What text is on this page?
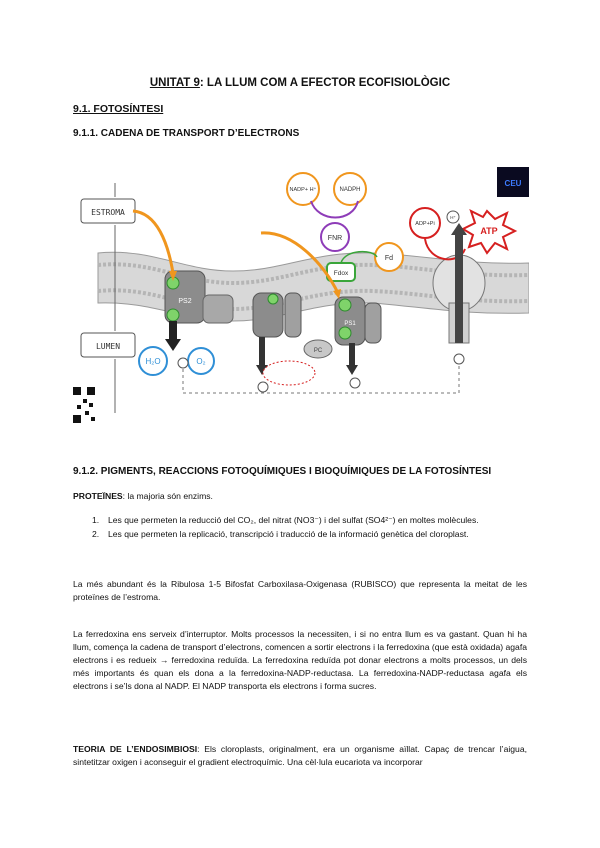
UNITAT 9: LA LLUM COM A EFECTOR ECOFISIOLÒGIC
9.1. FOTOSÍNTESI
9.1.1. CADENA DE TRANSPORT D’ELECTRONS
ESTROMA
LUMEN
PS2
PC
PS1
H₂O	O₂
H⁺
NADP+ H⁺	NADPH
FNR
Fdox
Fd
ADP+Pi
ATP
CEU
9.1.2. PIGMENTS, REACCIONS FOTOQUÍMIQUES I BIOQUÍMIQUES DE LA FOTOSÍNTESI
PROTEÏNES: la majoria són enzims.
1.	Les que permeten la reducció del CO₂, del nitrat (NO3⁻) i del sulfat (SO4²⁻) en moltes molècules.
2.	Les que permeten la replicació, transcripció i traducció de la informació genètica del cloroplast.
La més abundant és la Ribulosa 1-5 Bifosfat Carboxilasa-Oxigenasa (RUBISCO) que representa la meitat de les proteïnes de l’estroma.
La ferredoxina ens serveix d’interruptor. Molts processos la necessiten, i si no entra llum es va gastant. Quan hi ha llum, comença la cadena de transport d’electrons, comencen a sortir electrons i la ferredoxina (que està oxidada) agafa electrons i es redueix → ferredoxina reduïda. La ferredoxina reduïda pot donar electrons a molts processos, un dels més importants és quan els dona a la ferredoxina-NADP-reductasa. La ferredoxina-NADP-reductasa agafa els electrons i se’ls dona al NADP. El NADP transporta els electrons i forma sucres.
TEORIA DE L’ENDOSIMBIOSI: Els cloroplasts, originalment, era un organisme aïllat. Capaç de trencar l’aigua, sintetitzar oxigen i aconseguir el gradient electroquímic. Una cèl·lula eucariota va incorporar
